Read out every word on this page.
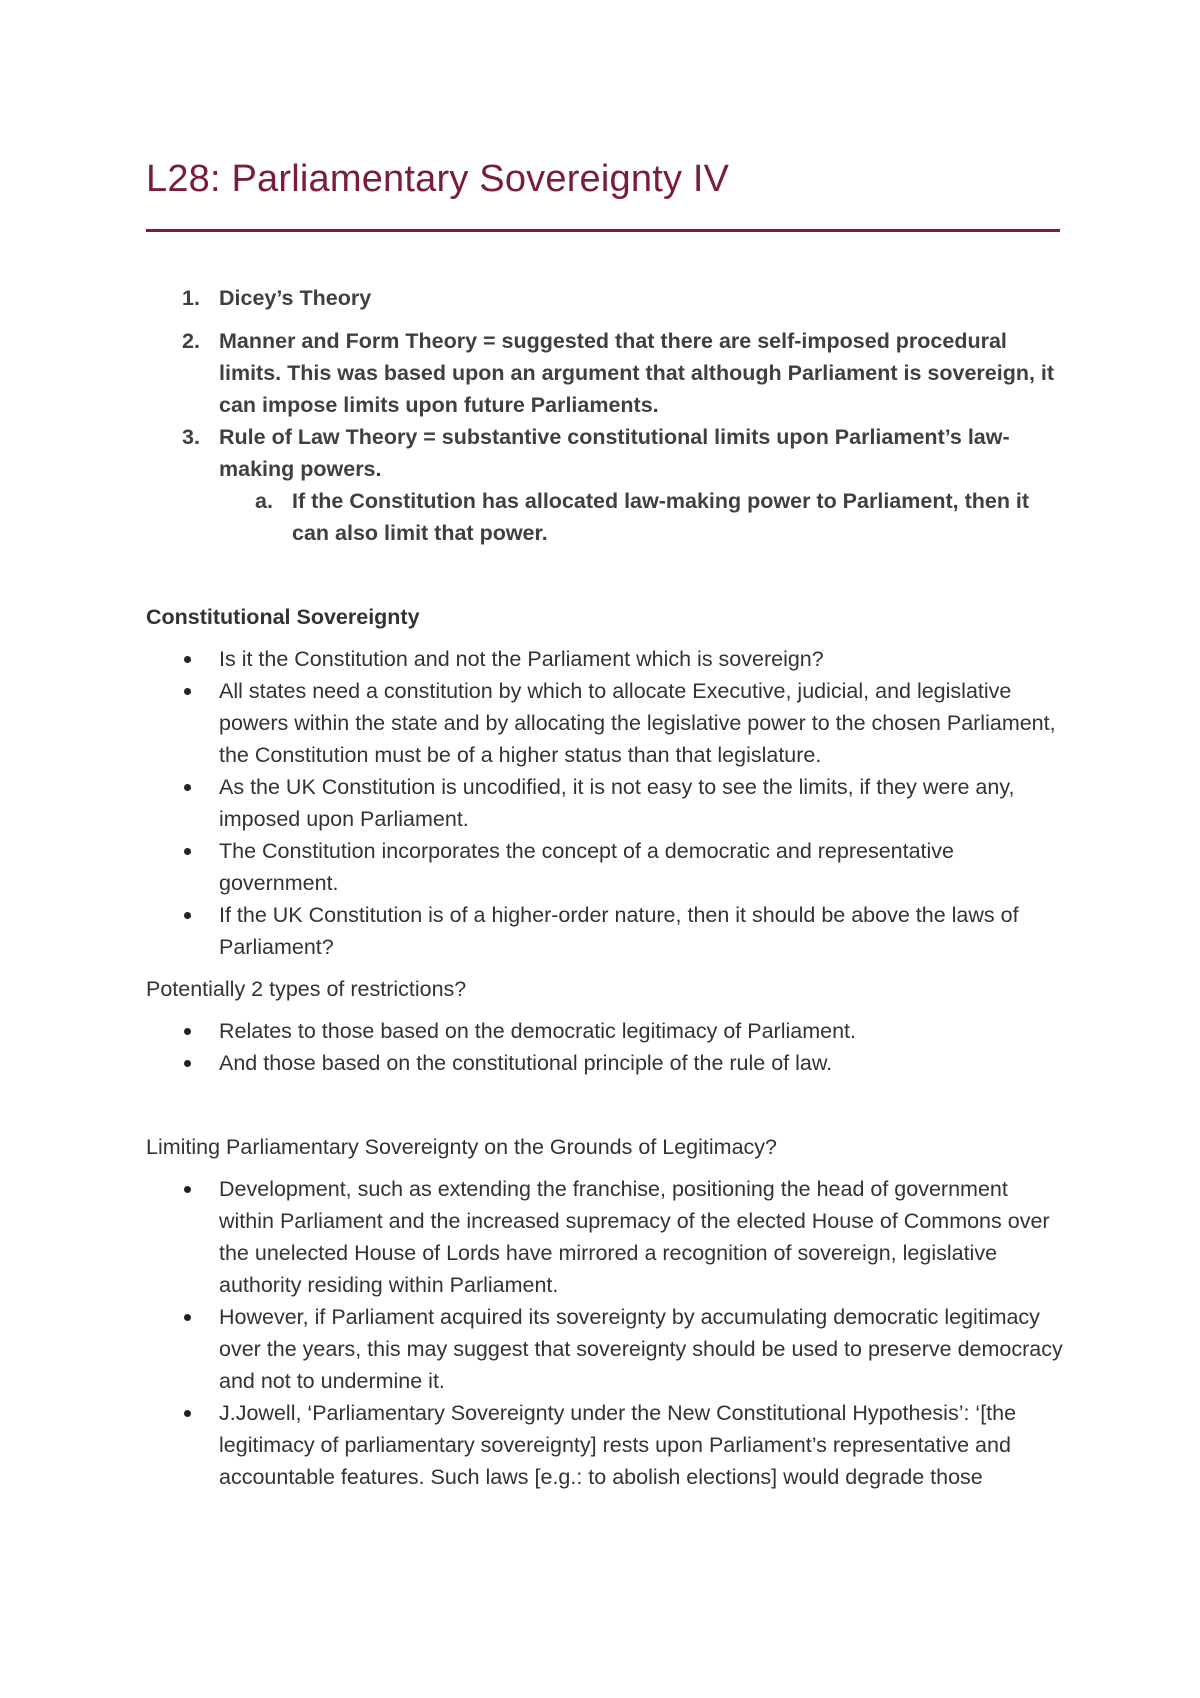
L28: Parliamentary Sovereignty IV
1. Dicey’s Theory
2. Manner and Form Theory = suggested that there are self-imposed procedural limits. This was based upon an argument that although Parliament is sovereign, it can impose limits upon future Parliaments.
3. Rule of Law Theory = substantive constitutional limits upon Parliament’s law-making powers.
a. If the Constitution has allocated law-making power to Parliament, then it can also limit that power.
Constitutional Sovereignty
Is it the Constitution and not the Parliament which is sovereign?
All states need a constitution by which to allocate Executive, judicial, and legislative powers within the state and by allocating the legislative power to the chosen Parliament, the Constitution must be of a higher status than that legislature.
As the UK Constitution is uncodified, it is not easy to see the limits, if they were any, imposed upon Parliament.
The Constitution incorporates the concept of a democratic and representative government.
If the UK Constitution is of a higher-order nature, then it should be above the laws of Parliament?
Potentially 2 types of restrictions?
Relates to those based on the democratic legitimacy of Parliament.
And those based on the constitutional principle of the rule of law.
Limiting Parliamentary Sovereignty on the Grounds of Legitimacy?
Development, such as extending the franchise, positioning the head of government within Parliament and the increased supremacy of the elected House of Commons over the unelected House of Lords have mirrored a recognition of sovereign, legislative authority residing within Parliament.
However, if Parliament acquired its sovereignty by accumulating democratic legitimacy over the years, this may suggest that sovereignty should be used to preserve democracy and not to undermine it.
J.Jowell, ‘Parliamentary Sovereignty under the New Constitutional Hypothesis’: ‘[the legitimacy of parliamentary sovereignty] rests upon Parliament’s representative and accountable features. Such laws [e.g.: to abolish elections] would degrade those
